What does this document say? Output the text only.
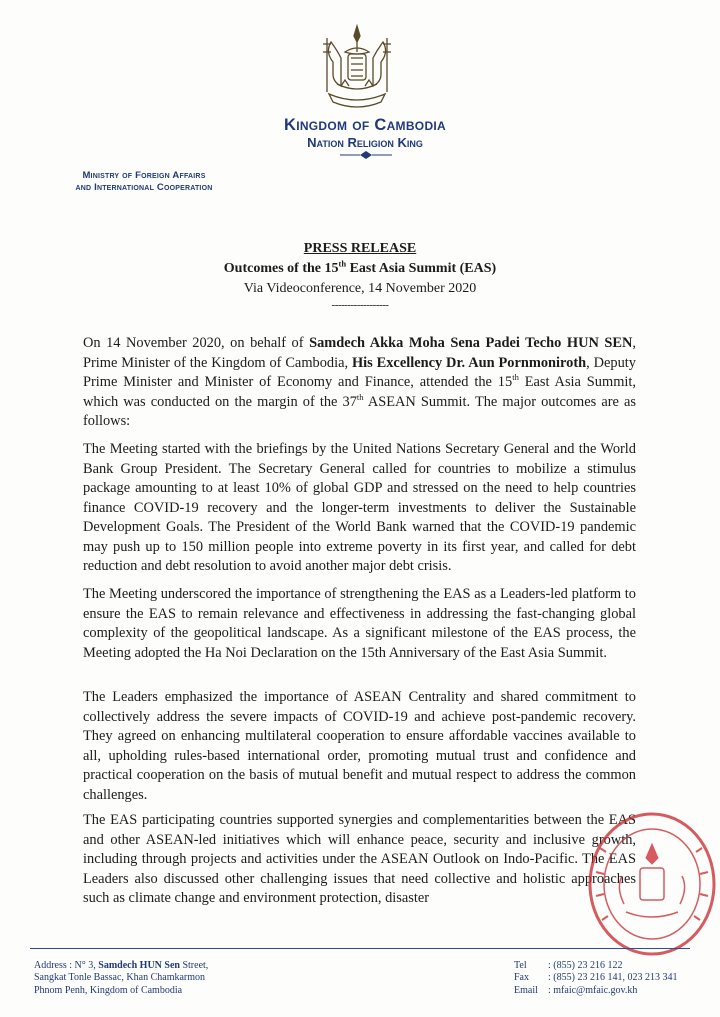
Kingdom of Cambodia
Nation Religion King
Ministry of Foreign Affairs
and International Cooperation
PRESS RELEASE
Outcomes of the 15th East Asia Summit (EAS)
Via Videoconference, 14 November 2020
------------------
On 14 November 2020, on behalf of Samdech Akka Moha Sena Padei Techo HUN SEN, Prime Minister of the Kingdom of Cambodia, His Excellency Dr. Aun Pornmoniroth, Deputy Prime Minister and Minister of Economy and Finance, attended the 15th East Asia Summit, which was conducted on the margin of the 37th ASEAN Summit. The major outcomes are as follows:
The Meeting started with the briefings by the United Nations Secretary General and the World Bank Group President. The Secretary General called for countries to mobilize a stimulus package amounting to at least 10% of global GDP and stressed on the need to help countries finance COVID-19 recovery and the longer-term investments to deliver the Sustainable Development Goals. The President of the World Bank warned that the COVID-19 pandemic may push up to 150 million people into extreme poverty in its first year, and called for debt reduction and debt resolution to avoid another major debt crisis.
The Meeting underscored the importance of strengthening the EAS as a Leaders-led platform to ensure the EAS to remain relevance and effectiveness in addressing the fast-changing global complexity of the geopolitical landscape. As a significant milestone of the EAS process, the Meeting adopted the Ha Noi Declaration on the 15th Anniversary of the East Asia Summit.
The Leaders emphasized the importance of ASEAN Centrality and shared commitment to collectively address the severe impacts of COVID-19 and achieve post-pandemic recovery. They agreed on enhancing multilateral cooperation to ensure affordable vaccines available to all, upholding rules-based international order, promoting mutual trust and confidence and practical cooperation on the basis of mutual benefit and mutual respect to address the common challenges.
The EAS participating countries supported synergies and complementarities between the EAS and other ASEAN-led initiatives which will enhance peace, security and inclusive growth, including through projects and activities under the ASEAN Outlook on Indo-Pacific. The EAS Leaders also discussed other challenging issues that need collective and holistic approaches such as climate change and environment protection, disaster
Address : N° 3, Samdech HUN Sen Street,
Sangkat Tonle Bassac, Khan Chamkarmon
Phnom Penh, Kingdom of Cambodia
Tel	: (855) 23 216 122
Fax	: (855) 23 216 141, 023 213 341
Email	: mfaic@mfaic.gov.kh
